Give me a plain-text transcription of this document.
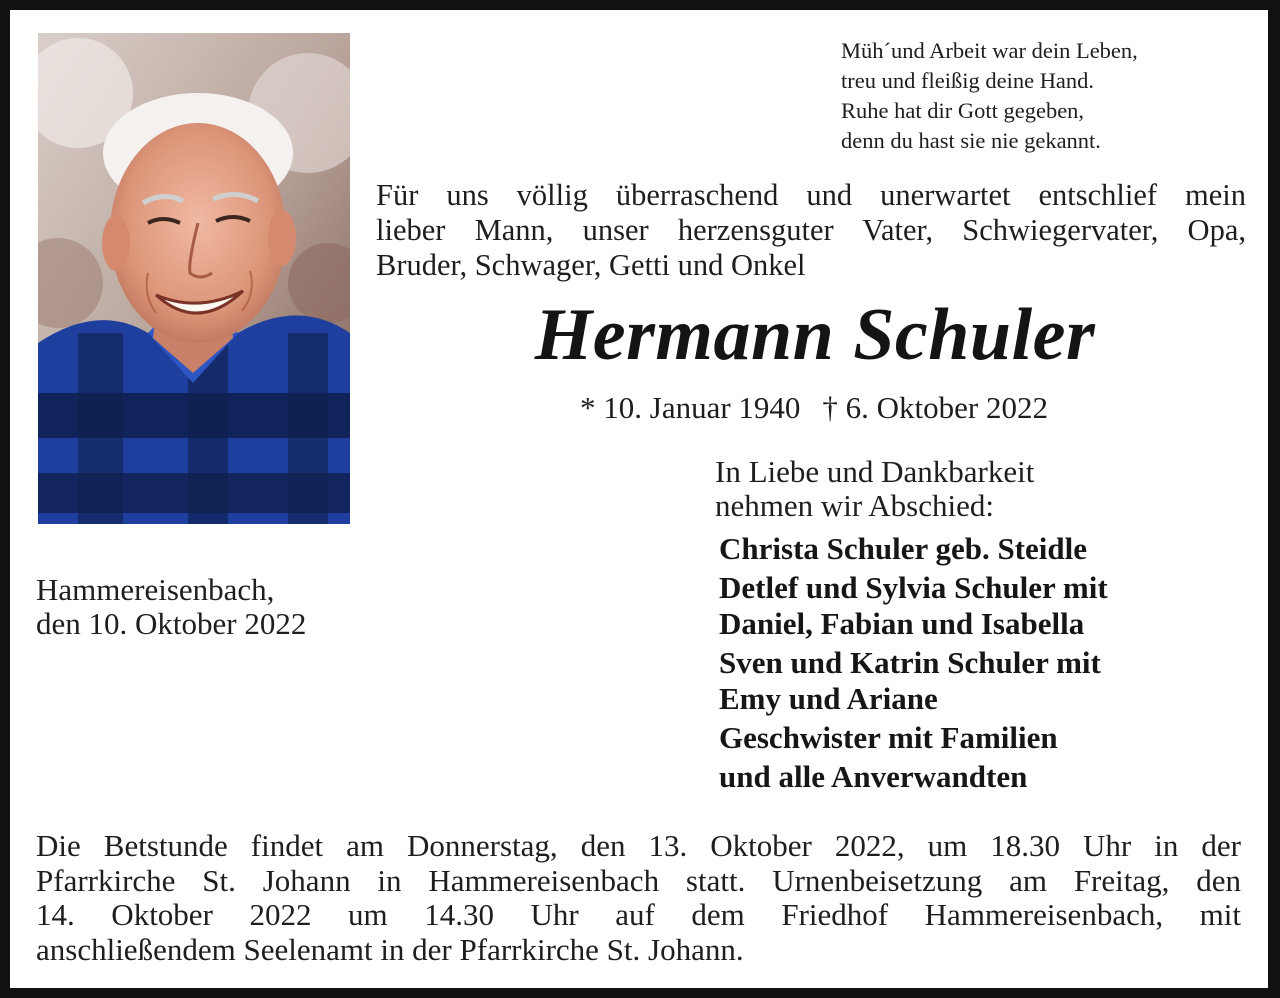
Müh´und Arbeit war dein Leben,
treu und fleißig deine Hand.
Ruhe hat dir Gott gegeben,
denn du hast sie nie gekannt.
Für uns völlig überraschend und unerwartet entschlief mein
lieber Mann, unser herzensguter Vater, Schwiegervater, Opa,
Bruder, Schwager, Getti und Onkel
Hermann Schuler
* 10. Januar 1940 † 6. Oktober 2022
In Liebe und Dankbarkeit
nehmen wir Abschied:
Christa Schuler geb. Steidle
Detlef und Sylvia Schuler mit
Daniel, Fabian und Isabella
Sven und Katrin Schuler mit
Emy und Ariane
Geschwister mit Familien
und alle Anverwandten
Hammereisenbach,
den 10. Oktober 2022
Die Betstunde findet am Donnerstag, den 13. Oktober 2022, um 18.30 Uhr in der
Pfarrkirche St. Johann in Hammereisenbach statt. Urnenbeisetzung am Freitag, den
14. Oktober 2022 um 14.30 Uhr auf dem Friedhof Hammereisenbach, mit
anschließendem Seelenamt in der Pfarrkirche St. Johann.
